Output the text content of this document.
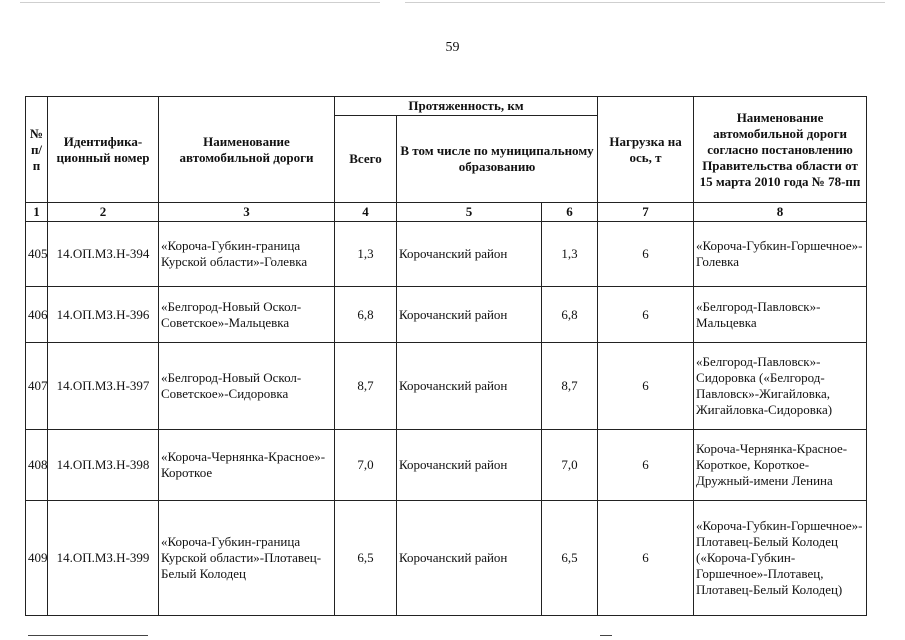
59
№ п/п	Идентифика-ционный номер	Наименование автомобильной дороги	Протяженность, км			Нагрузка на ось, т	Наименование автомобильной дороги согласно постановлению Правительства области от 15 марта 2010 года № 78-пп
			Всего	В том числе по муниципальному образованию			
1	2	3	4	5	6	7	8
405	14.ОП.МЗ.Н-394	«Короча-Губкин-граница Курской области»-Голевка	1,3	Корочанский район	1,3	6	«Короча-Губкин-Горшечное»-Голевка
406	14.ОП.МЗ.Н-396	«Белгород-Новый Оскол-Советское»-Мальцевка	6,8	Корочанский район	6,8	6	«Белгород-Павловск»-Мальцевка
407	14.ОП.МЗ.Н-397	«Белгород-Новый Оскол-Советское»-Сидоровка	8,7	Корочанский район	8,7	6	«Белгород-Павловск»-Сидоровка («Белгород-Павловск»-Жигайловка, Жигайловка-Сидоровка)
408	14.ОП.МЗ.Н-398	«Короча-Чернянка-Красное»-Короткое	7,0	Корочанский район	7,0	6	Короча-Чернянка-Красное-Короткое, Короткое-Дружный-имени Ленина
409	14.ОП.МЗ.Н-399	«Короча-Губкин-граница Курской области»-Плотавец-Белый Колодец	6,5	Корочанский район	6,5	6	«Короча-Губкин-Горшечное»-Плотавец-Белый Колодец («Короча-Губкин-Горшечное»-Плотавец, Плотавец-Белый Колодец)
